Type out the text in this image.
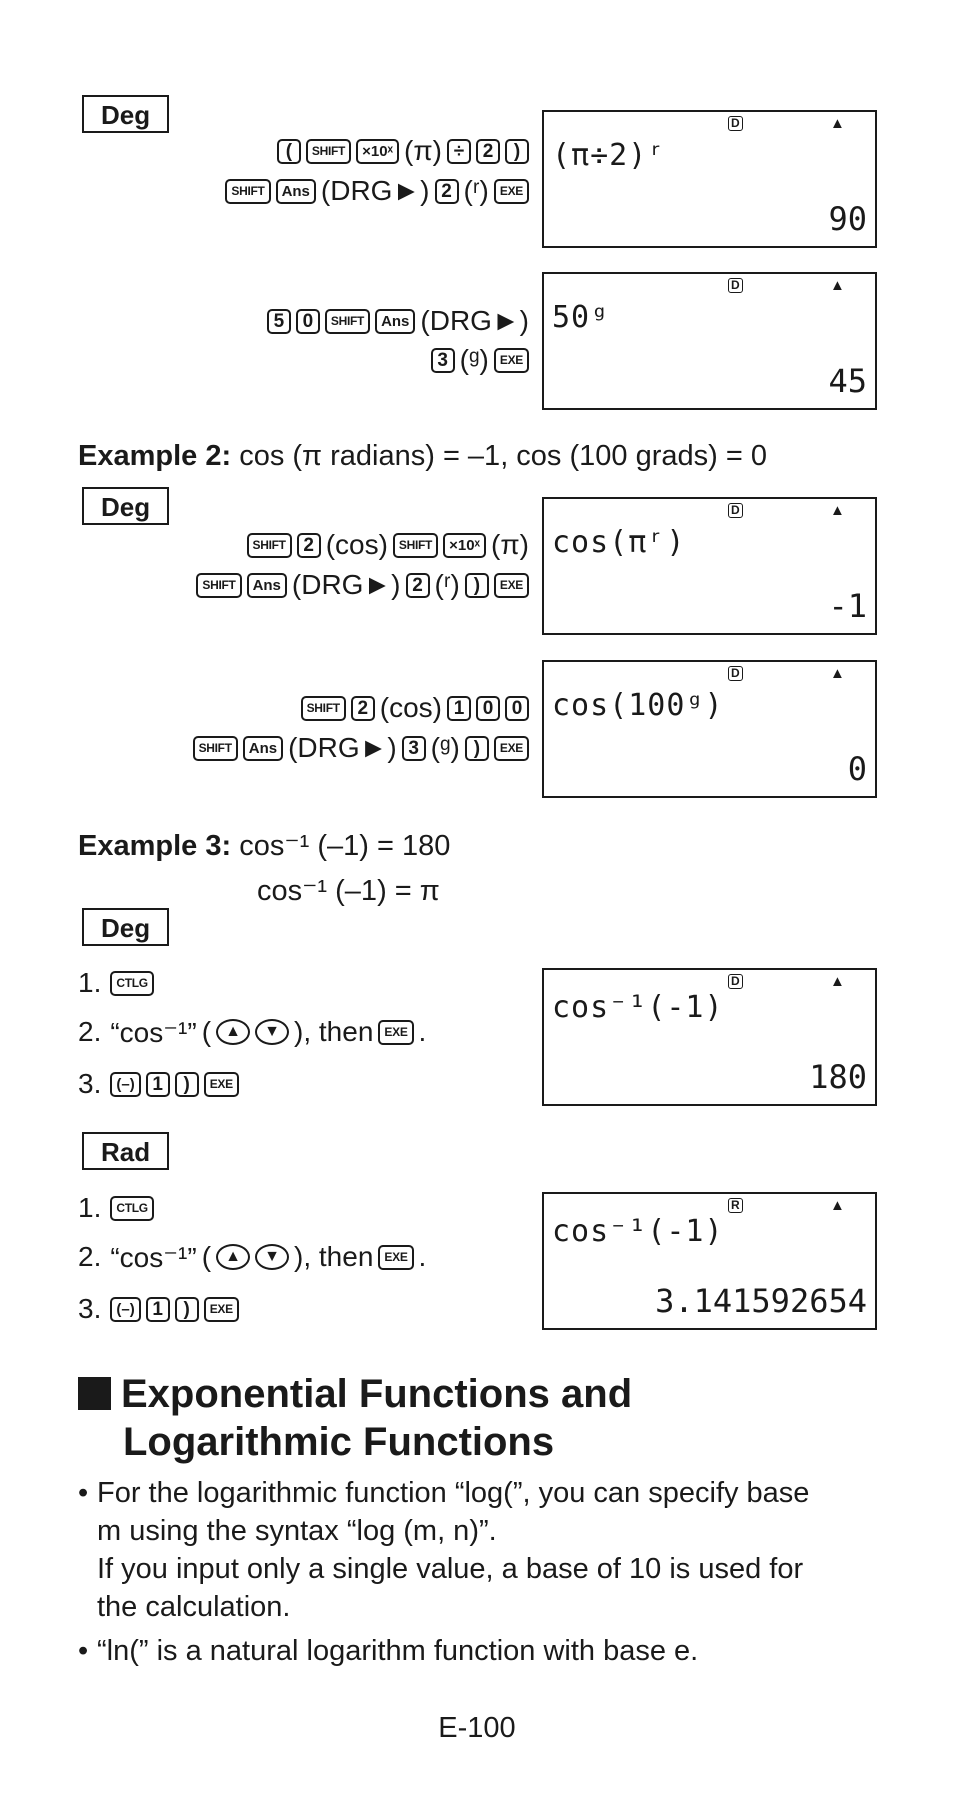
Deg
(	SHIFT	×10ˣ (π) ÷ 2	)
SHIFT	Ans (DRG►) 2 (ʳ) EXE
D	▲
(π÷2)ʳ
90
5 0	SHIFT	Ans (DRG►)
3 (ᵍ) EXE
D	▲
50ᵍ
45
Example 2: cos (π radians) = –1, cos (100 grads) = 0
Deg
SHIFT 2 (cos) SHIFT	×10ˣ (π)
SHIFT	Ans (DRG►) 2 (ʳ) )	EXE
D	▲
cos(πʳ)
-1
SHIFT 2 (cos) 1 0 0
SHIFT	Ans (DRG►) 3 (ᵍ) )	EXE
D	▲
cos(100ᵍ)
0
Example 3: cos⁻¹ (–1) = 180
cos⁻¹ (–1) = π
Deg
1.	CTLG
2. “cos⁻¹” ( ▲	▼ ), then EXE .
3.	(–) 1	)	EXE
D	▲
cos⁻¹(-1)
180
Rad
1.	CTLG
2. “cos⁻¹” ( ▲	▼ ), then EXE .
3.	(–) 1	)	EXE
R	▲
cos⁻¹(-1)
3.141592654
Exponential Functions and
Logarithmic Functions
• For the logarithmic function “log(”, you can specify base
m using the syntax “log (m, n)”.
If you input only a single value, a base of 10 is used for
the calculation.
• “ln(” is a natural logarithm function with base e.
E-100
